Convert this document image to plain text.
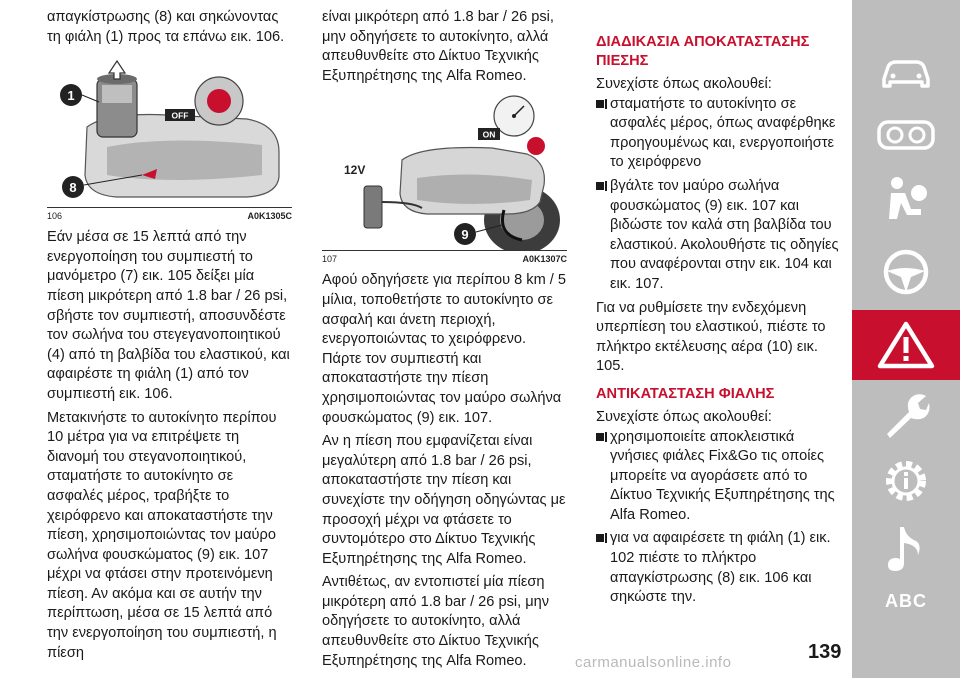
απαγκίστρωσης (8) και σηκώνοντας τη φιάλη (1) προς τα επάνω εικ. 106.

OFF
1
8
106	A0K1305C

Εάν μέσα σε 15 λεπτά από την ενεργοποίηση του συμπιεστή το μανόμετρο (7) εικ. 105 δείξει μία πίεση μικρότερη από 1.8 bar / 26 psi, σβήστε τον συμπιεστή, αποσυνδέστε τον σωλήνα του στεγεγανοποιητικού (4) από τη βαλβίδα του ελαστικού, και αφαιρέστε τη φιάλη (1) από τον συμπιεστή εικ. 106.

Μετακινήστε το αυτοκίνητο περίπου 10 μέτρα για να επιτρέψετε τη διανομή του στεγανοποιητικού, σταματήστε το αυτοκίνητο σε ασφαλές μέρος, τραβήξτε το χειρόφρενο και αποκαταστήστε την πίεση, χρησιμοποιώντας τον μαύρο σωλήνα φουσκώματος (9) εικ. 107 μέχρι να φτάσει στην προτεινόμενη πίεση. Αν ακόμα και σε αυτήν την περίπτωση, μέσα σε 15 λεπτά από την ενεργοποίηση του συμπιεστή, η πίεση

είναι μικρότερη από 1.8 bar / 26 psi, μην οδηγήσετε το αυτοκίνητο, αλλά απευθυνθείτε στο Δίκτυο Τεχνικής Εξυπηρέτησης της Alfa Romeo.

ON
12V
9
107	A0K1307C

Αφού οδηγήσετε για περίπου 8 km / 5 μίλια, τοποθετήστε το αυτοκίνητο σε ασφαλή και άνετη περιοχή, ενεργοποιώντας το χειρόφρενο. Πάρτε τον συμπιεστή και αποκαταστήστε την πίεση χρησιμοποιώντας τον μαύρο σωλήνα φουσκώματος (9) εικ. 107.

Αν η πίεση που εμφανίζεται είναι μεγαλύτερη από 1.8 bar / 26 psi, αποκαταστήστε την πίεση και συνεχίστε την οδήγηση οδηγώντας με προσοχή μέχρι να φτάσετε το συντομότερο στο Δίκτυο Τεχνικής Εξυπηρέτησης της Alfa Romeo.

Αντιθέτως, αν εντοπιστεί μία πίεση μικρότερη από 1.8 bar / 26 psi, μην οδηγήσετε το αυτοκίνητο, αλλά απευθυνθείτε στο Δίκτυο Τεχνικής Εξυπηρέτησης της Alfa Romeo.

ΔΙΑΔΙΚΑΣΙΑ ΑΠΟΚΑΤΑΣΤΑΣΗΣ ΠΙΕΣΗΣ

Συνεχίστε όπως ακολουθεί:

σταματήστε το αυτοκίνητο σε ασφαλές μέρος, όπως αναφέρθηκε προηγουμένως και, ενεργοποιήστε το χειρόφρενο

βγάλτε τον μαύρο σωλήνα φουσκώματος (9) εικ. 107 και βιδώστε τον καλά στη βαλβίδα του ελαστικού. Ακολουθήστε τις οδηγίες που αναφέρονται στην εικ. 104 και εικ. 107.

Για να ρυθμίσετε την ενδεχόμενη υπερπίεση του ελαστικού, πιέστε το πλήκτρο εκτέλευσης αέρα (10) εικ. 105.

ΑΝΤΙΚΑΤΑΣΤΑΣΗ ΦΙΑΛΗΣ

Συνεχίστε όπως ακολουθεί:

χρησιμοποιείτε αποκλειστικά γνήσιες φιάλες Fix&Go τις οποίες μπορείτε να αγοράσετε από το Δίκτυο Τεχνικής Εξυπηρέτησης της Alfa Romeo.

για να αφαιρέσετε τη φιάλη (1) εικ. 102 πιέστε το πλήκτρο απαγκίστρωσης (8) εικ. 106 και σηκώστε την.	ABC
139
carmanualsonline.info
